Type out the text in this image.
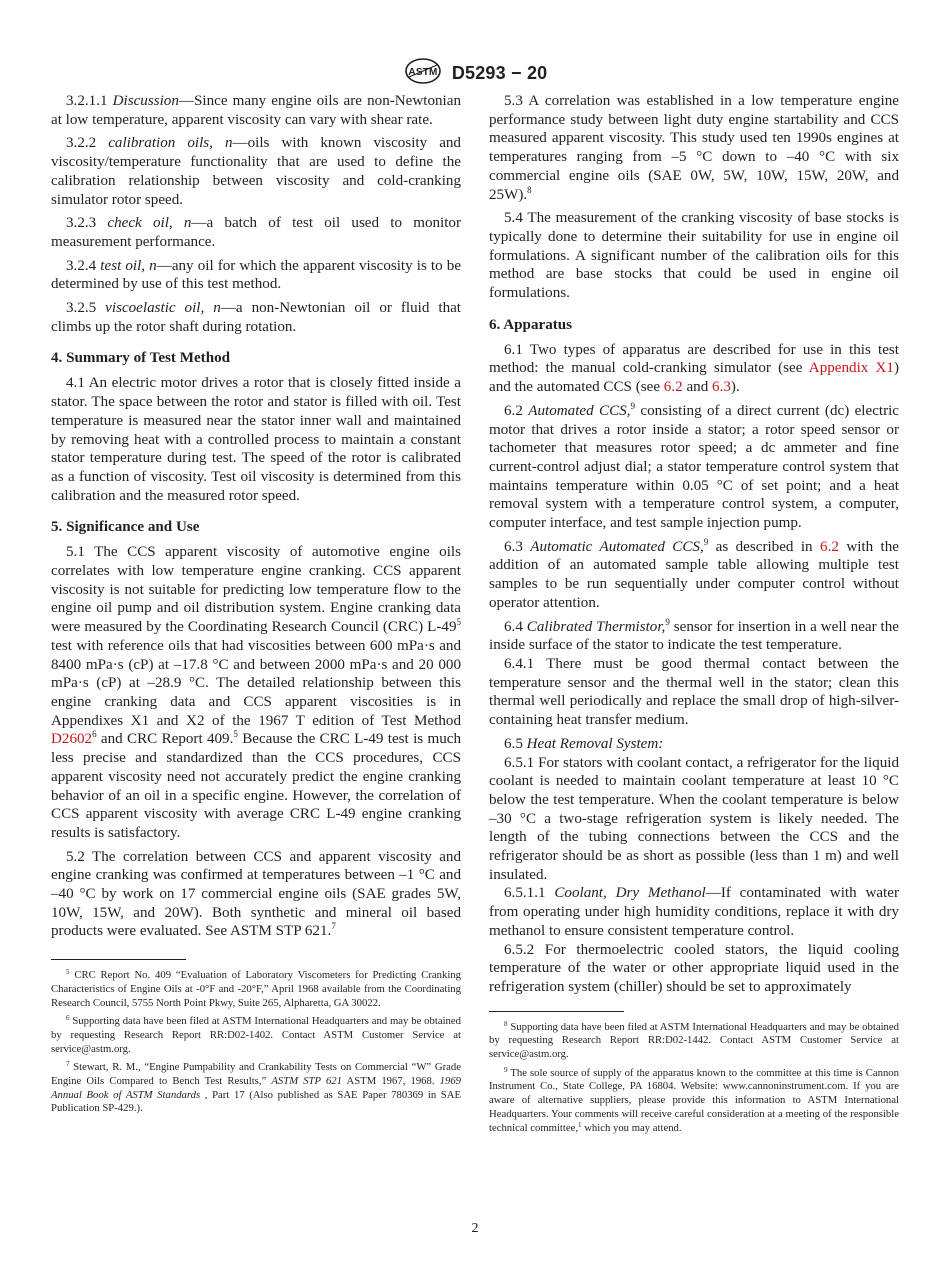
ASTM D5293 − 20

3.2.1.1 Discussion—Since many engine oils are non-Newtonian at low temperature, apparent viscosity can vary with shear rate.

3.2.2 calibration oils, n—oils with known viscosity and viscosity/temperature functionality that are used to define the calibration relationship between viscosity and cold-cranking simulator rotor speed.

3.2.3 check oil, n—a batch of test oil used to monitor measurement performance.

3.2.4 test oil, n—any oil for which the apparent viscosity is to be determined by use of this test method.

3.2.5 viscoelastic oil, n—a non-Newtonian oil or fluid that climbs up the rotor shaft during rotation.

4. Summary of Test Method

4.1 An electric motor drives a rotor that is closely fitted inside a stator. The space between the rotor and stator is filled with oil. Test temperature is measured near the stator inner wall and maintained by removing heat with a controlled process to maintain a constant stator temperature during test. The speed of the rotor is calibrated as a function of viscosity. Test oil viscosity is determined from this calibration and the measured rotor speed.

5. Significance and Use

5.1 The CCS apparent viscosity of automotive engine oils correlates with low temperature engine cranking. CCS apparent viscosity is not suitable for predicting low temperature flow to the engine oil pump and oil distribution system. Engine cranking data were measured by the Coordinating Research Council (CRC) $L-49^5$ test with reference oils that had viscosities between 600 mPa·s and 8400 mPa·s (cP) at –17.8 °C and between 2000 mPa·s and 20 000 mPa·s (cP) at –28.9 °C. The detailed relationship between this engine cranking data and CCS apparent viscosities is in Appendixes X1 and X2 of the 1967 T edition of Test Method D2602$^6$ and CRC Report 409.$^5$ Because the CRC L-49 test is much less precise and standardized than the CCS procedures, CCS apparent viscosity need not accurately predict the engine cranking behavior of an oil in a specific engine. However, the correlation of CCS apparent viscosity with average CRC L-49 engine cranking results is satisfactory.

5.2 The correlation between CCS and apparent viscosity and engine cranking was confirmed at temperatures between –1 °C and –40 °C by work on 17 commercial engine oils (SAE grades 5W, 10W, 15W, and 20W). Both synthetic and mineral oil based products were evaluated. See ASTM STP 621.$^7$

$^5$ CRC Report No. 409 “Evaluation of Laboratory Viscometers for Predicting Cranking Characteristics of Engine Oils at -0°F and -20°F,” April 1968 available from the Coordinating Research Council, 5755 North Point Pkwy, Suite 265, Alpharetta, GA 30022.

$^6$ Supporting data have been filed at ASTM International Headquarters and may be obtained by requesting Research Report RR:D02-1402. Contact ASTM Customer Service at service@astm.org.

$^7$ Stewart, R. M., “Engine Pumpability and Crankability Tests on Commercial “W” Grade Engine Oils Compared to Bench Test Results,” ASTM STP 621 ASTM 1967, 1968. 1969 Annual Book of ASTM Standards , Part 17 (Also published as SAE Paper 780369 in SAE Publication SP-429.).

5.3 A correlation was established in a low temperature engine performance study between light duty engine startability and CCS measured apparent viscosity. This study used ten 1990s engines at temperatures ranging from –5 °C down to –40 °C with six commercial engine oils (SAE 0W, 5W, 10W, 15W, 20W, and 25W).$^8$

5.4 The measurement of the cranking viscosity of base stocks is typically done to determine their suitability for use in engine oil formulations. A significant number of the calibration oils for this method are base stocks that could be used in engine oil formulations.

6. Apparatus

6.1 Two types of apparatus are described for use in this test method: the manual cold-cranking simulator (see Appendix X1) and the automated CCS (see 6.2 and 6.3).

6.2 Automated CCS,$^9$ consisting of a direct current (dc) electric motor that drives a rotor inside a stator; a rotor speed sensor or tachometer that measures rotor speed; a dc ammeter and fine current-control adjust dial; a stator temperature control system that maintains temperature within 0.05 °C of set point; and a heat removal system with a temperature control system, a computer, computer interface, and test sample injection pump.

6.3 Automatic Automated CCS,$^9$ as described in 6.2 with the addition of an automated sample table allowing multiple test samples to be run sequentially under computer control without operator attention.

6.4 Calibrated Thermistor,$^9$ sensor for insertion in a well near the inside surface of the stator to indicate the test temperature.

6.4.1 There must be good thermal contact between the temperature sensor and the thermal well in the stator; clean this thermal well periodically and replace the small drop of high-silver-containing heat transfer medium.

6.5 Heat Removal System:

6.5.1 For stators with coolant contact, a refrigerator for the liquid coolant is needed to maintain coolant temperature at least 10 °C below the test temperature. When the coolant temperature is below –30 °C a two-stage refrigeration system is likely needed. The length of the tubing connections between the CCS and the refrigerator should be as short as possible (less than 1 m) and well insulated.

6.5.1.1 Coolant, Dry Methanol—If contaminated with water from operating under high humidity conditions, replace it with dry methanol to ensure consistent temperature control.

6.5.2 For thermoelectric cooled stators, the liquid cooling temperature of the water or other appropriate liquid used in the refrigeration system (chiller) should be set to approximately

$^8$ Supporting data have been filed at ASTM International Headquarters and may be obtained by requesting Research Report RR:D02-1442. Contact ASTM Customer Service at service@astm.org.

$^9$ The sole source of supply of the apparatus known to the committee at this time is Cannon Instrument Co., State College, PA 16804. Website: www.cannoninstrument.com. If you are aware of alternative suppliers, please provide this information to ASTM International Headquarters. Your comments will receive careful consideration at a meeting of the responsible technical committee,$^1$ which you may attend.

2
